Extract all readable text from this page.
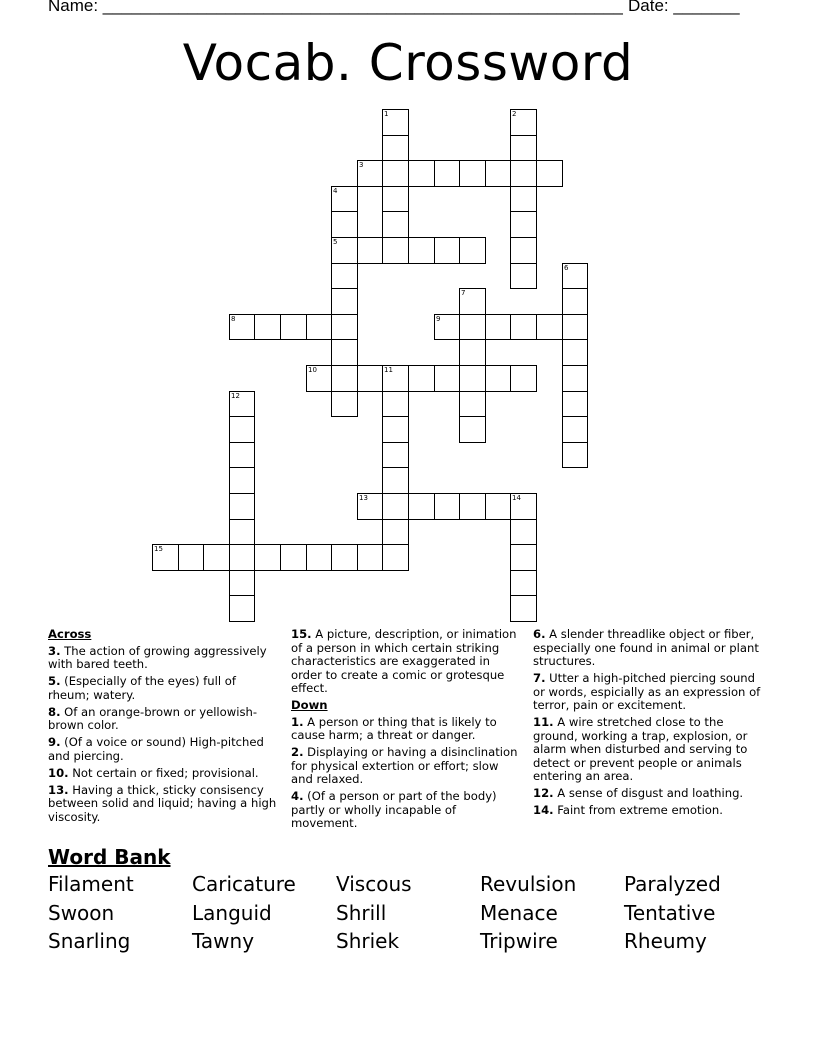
Name: _______________________________________________________ Date: _______
Vocab. Crossword
1	2
3
4
5
6
7
8	9
10	11
12
13	14
15
Across
3. The action of growing aggressively with bared teeth.
5. (Especially of the eyes) full of rheum; watery.
8. Of an orange-brown or yellowish-brown color.
9. (Of a voice or sound) High-pitched and piercing.
10. Not certain or fixed; provisional.
13. Having a thick, sticky consisency between solid and liquid; having a high viscosity.
15. A picture, description, or inimation of a person in which certain striking characteristics are exaggerated in order to create a comic or grotesque effect.
Down
1. A person or thing that is likely to cause harm; a threat or danger.
2. Displaying or having a disinclination for physical extertion or effort; slow and relaxed.
4. (Of a person or part of the body) partly or wholly incapable of movement.
6. A slender threadlike object or fiber, especially one found in animal or plant structures.
7. Utter a high-pitched piercing sound or words, espicially as an expression of terror, pain or excitement.
11. A wire stretched close to the ground, working a trap, explosion, or alarm when disturbed and serving to detect or prevent people or animals entering an area.
12. A sense of disgust and loathing.
14. Faint from extreme emotion.
Word Bank
Filament	Caricature	Viscous	Revulsion	Paralyzed
Swoon	Languid	Shrill	Menace	Tentative
Snarling	Tawny	Shriek	Tripwire	Rheumy
